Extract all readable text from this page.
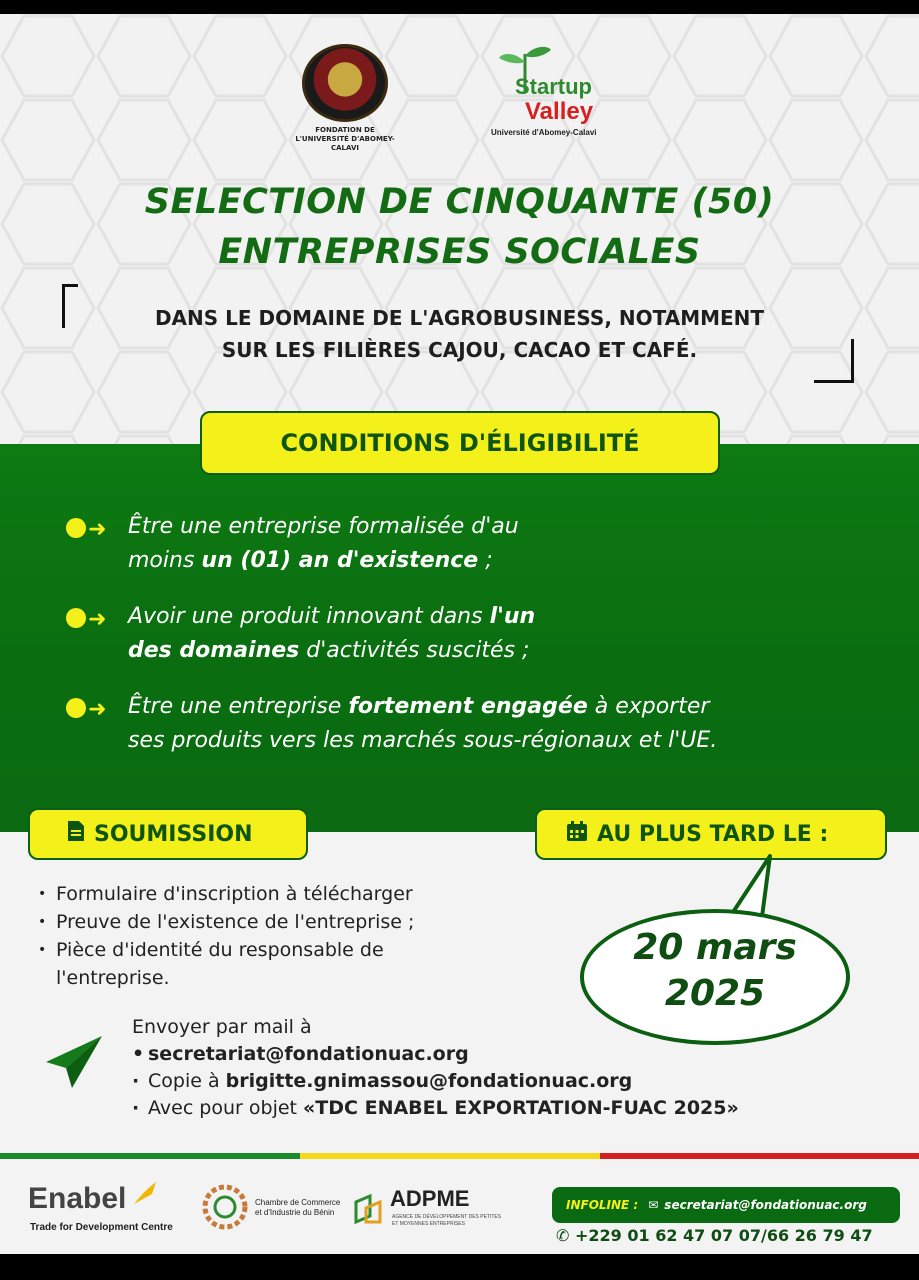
FONDATION DE L'UNIVERSITÉ D'ABOMEY-CALAVI
Startup
Valley
Université d'Abomey-Calavi
SELECTION DE CINQUANTE (50)
ENTREPRISES SOCIALES
DANS LE DOMAINE DE L'AGROBUSINESS, NOTAMMENT
SUR LES FILIÈRES CAJOU, CACAO ET CAFÉ.
CONDITIONS D'ÉLIGIBILITÉ
➜ Être une entreprise formalisée d'au
moins un (01) an d'existence ;
➜ Avoir une produit innovant dans l'un
des domaines d'activités suscités ;
➜ Être une entreprise fortement engagée à exporter
ses produits vers les marchés sous-régionaux et l'UE.
SOUMISSION	AU PLUS TARD LE :
• Formulaire d'inscription à télécharger
• Preuve de l'existence de l'entreprise ;
• Pièce d'identité du responsable de
l'entreprise.
20 mars
2025
Envoyer par mail à
• secretariat@fondationuac.org
· Copie à brigitte.gnimassou@fondationuac.org
· Avec pour objet «TDC ENABEL EXPORTATION-FUAC 2025»
Enabel
Trade for Development Centre
Chambre de Commerce
et d'Industrie du Bénin
ADPME
AGENCE DE DÉVELOPPEMENT DES PETITES ET MOYENNES ENTREPRISES
INFOLINE : ✉ secretariat@fondationuac.org
✆ +229 01 62 47 07 07/66 26 79 47
